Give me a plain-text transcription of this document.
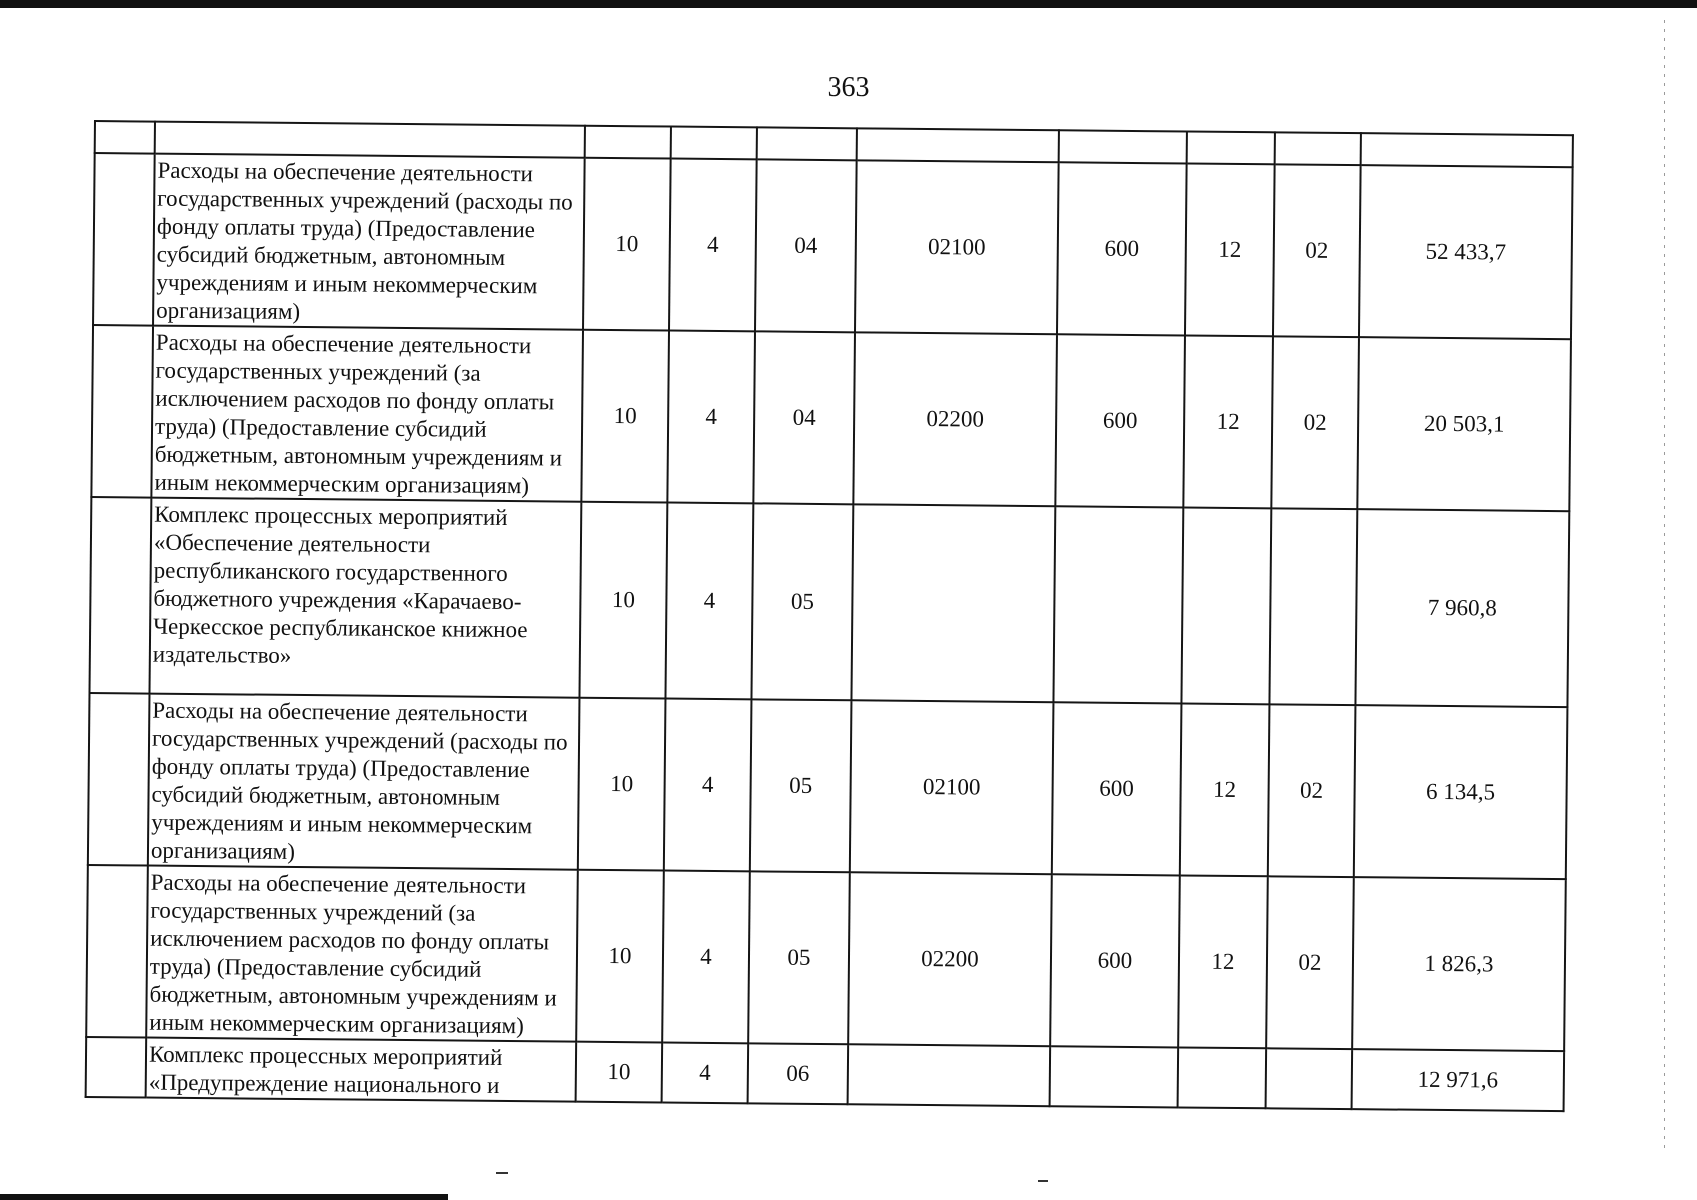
363

	Расходы на обеспечение деятельности государственных учреждений (расходы по фонду оплаты труда) (Предоставление субсидий бюджетным, автономным учреждениям и иным некоммерческим организациям)	10	4	04	02100	600	12	02	52 433,7
	Расходы на обеспечение деятельности государственных учреждений (за исключением расходов по фонду оплаты труда) (Предоставление субсидий бюджетным, автономным учреждениям и иным некоммерческим организациям)	10	4	04	02200	600	12	02	20 503,1
	Комплекс процессных мероприятий «Обеспечение деятельности республиканского государственного бюджетного учреждения «Карачаево-Черкесское республиканское книжное издательство»	10	4	05					7 960,8
	Расходы на обеспечение деятельности государственных учреждений (расходы по фонду оплаты труда) (Предоставление субсидий бюджетным, автономным учреждениям и иным некоммерческим организациям)	10	4	05	02100	600	12	02	6 134,5
	Расходы на обеспечение деятельности государственных учреждений (за исключением расходов по фонду оплаты труда) (Предоставление субсидий бюджетным, автономным учреждениям и иным некоммерческим организациям)	10	4	05	02200	600	12	02	1 826,3
	Комплекс процессных мероприятий «Предупреждение национального и	10	4	06					12 971,6
